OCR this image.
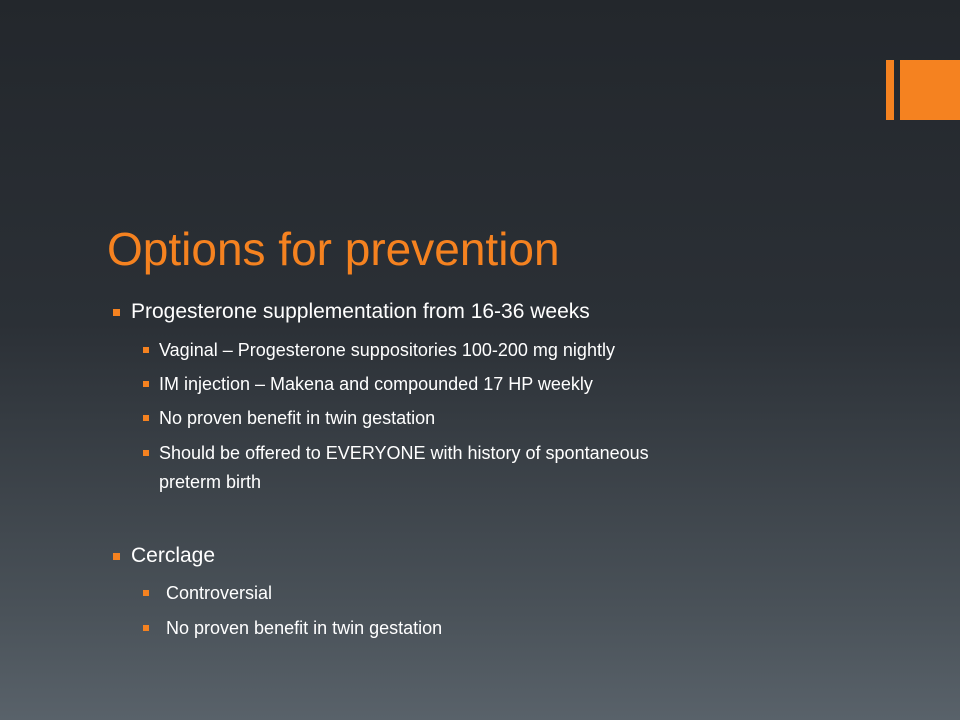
Options for prevention
Progesterone supplementation from 16-36 weeks
Vaginal – Progesterone suppositories 100-200 mg nightly
IM injection – Makena and compounded 17 HP weekly
No proven benefit in twin gestation
Should be offered to EVERYONE with history of spontaneous
preterm birth
Cerclage
Controversial
No proven benefit in twin gestation
